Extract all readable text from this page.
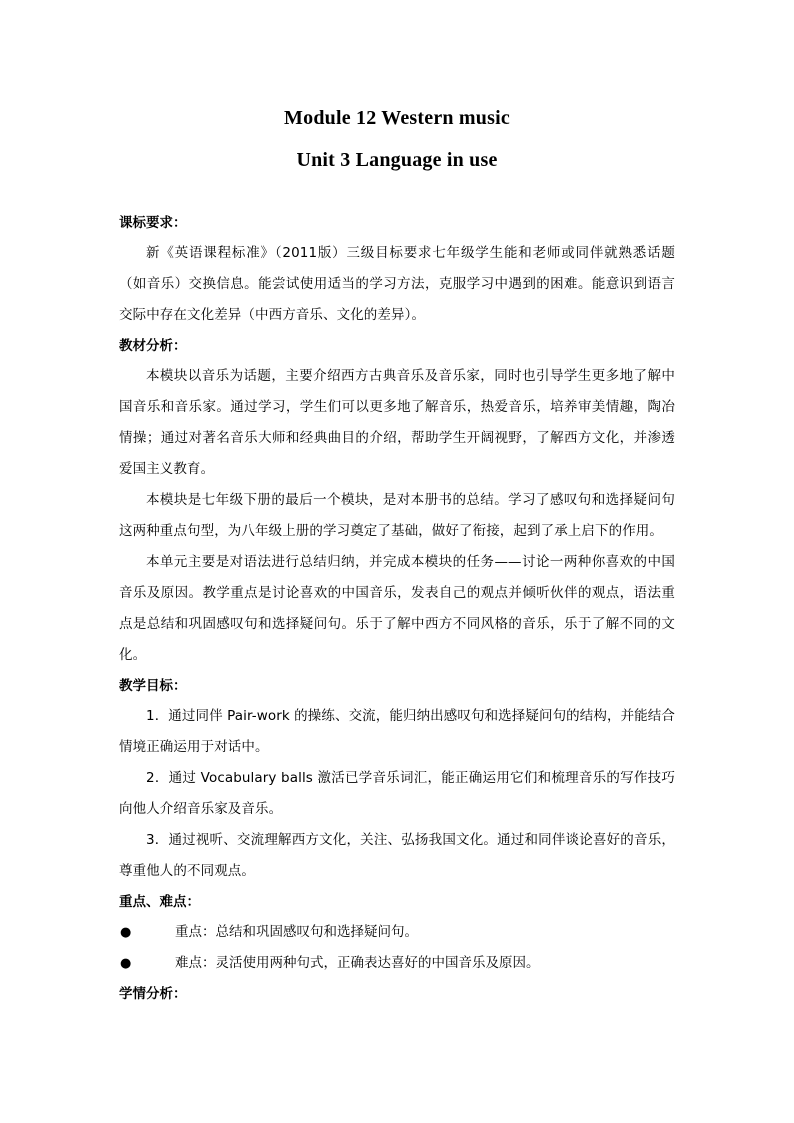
Module 12 Western music
Unit 3 Language in use
课标要求：

新《英语课程标准》（2011版）三级目标要求七年级学生能和老师或同伴就熟悉话题（如音乐）交换信息。能尝试使用适当的学习方法，克服学习中遇到的困难。能意识到语言交际中存在文化差异（中西方音乐、文化的差异）。

教材分析：

本模块以音乐为话题，主要介绍西方古典音乐及音乐家，同时也引导学生更多地了解中国音乐和音乐家。通过学习，学生们可以更多地了解音乐，热爱音乐，培养审美情趣，陶冶情操；通过对著名音乐大师和经典曲目的介绍，帮助学生开阔视野，了解西方文化，并渗透爱国主义教育。

本模块是七年级下册的最后一个模块，是对本册书的总结。学习了感叹句和选择疑问句这两种重点句型，为八年级上册的学习奠定了基础，做好了衔接，起到了承上启下的作用。

本单元主要是对语法进行总结归纳，并完成本模块的任务——讨论一两种你喜欢的中国音乐及原因。教学重点是讨论喜欢的中国音乐，发表自己的观点并倾听伙伴的观点，语法重点是总结和巩固感叹句和选择疑问句。乐于了解中西方不同风格的音乐，乐于了解不同的文化。

教学目标：

1．通过同伴 Pair-work 的操练、交流，能归纳出感叹句和选择疑问句的结构，并能结合情境正确运用于对话中。

2．通过 Vocabulary balls 激活已学音乐词汇，能正确运用它们和梳理音乐的写作技巧向他人介绍音乐家及音乐。

3．通过视听、交流理解西方文化，关注、弘扬我国文化。通过和同伴谈论喜好的音乐，尊重他人的不同观点。

重点、难点：
●	重点：总结和巩固感叹句和选择疑问句。
●	难点：灵活使用两种句式，正确表达喜好的中国音乐及原因。
学情分析：
